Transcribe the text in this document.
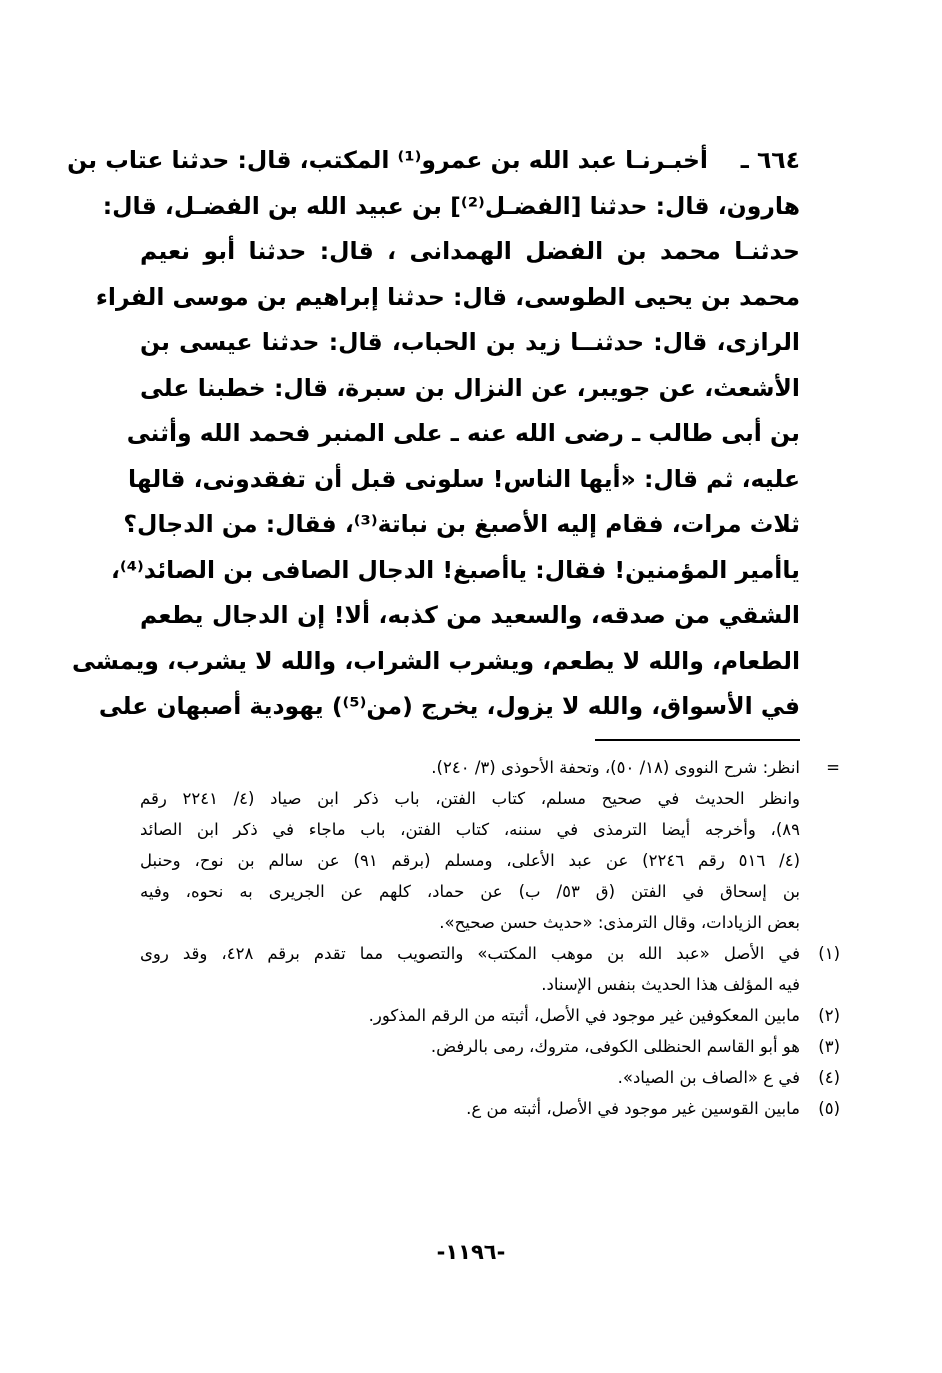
٦٦٤ ـ
أخبـرنـا عبد الله بن عمرو⁽¹⁾ المكتب، قال: حدثنا عتاب بن
هارون، قال: حدثنا [الفضـل⁽²⁾] بن عبيد الله بن الفضـل، قال:
حدثنـا محمد بن الفضل الهمدانى ، قال: حدثنا أبو نعيم
محمد بن يحيى الطوسى، قال: حدثنا إبراهيم بن موسى الفراء
الرازى، قال: حدثنــا زيد بن الحباب، قال: حدثنا عيسى بن
الأشعث، عن جويبر، عن النزال بن سبرة، قال: خطبنا على
بن أبى طالب ـ رضى الله عنه ـ على المنبر فحمد الله وأثنى
عليه، ثم قال: «أيها الناس! سلونى قبل أن تفقدونى، قالها
ثلاث مرات، فقام إليه الأصبغ بن نباتة⁽³⁾، فقال: من الدجال؟
ياأمير المؤمنين! فقال: ياأصبغ! الدجال الصافى بن الصائد⁽⁴⁾،
الشقي من صدقه، والسعيد من كذبه، ألا! إن الدجال يطعم
الطعام، والله لا يطعم، ويشرب الشراب، والله لا يشرب، ويمشى
في الأسواق، والله لا يزول، يخرج (من⁽⁵⁾) يهودية أصبهان على
=
انظر: شرح النووى (١٨/ ٥٠)، وتحفة الأحوذى (٣/ ٢٤٠).
وانظر الحديث في صحيح مسلم، كتاب الفتن، باب ذكر ابن صياد (٤/ ٢٢٤١ رقم
٨٩)، وأخرجه أيضا الترمذى في سننه، كتاب الفتن، باب ماجاء في ذكر ابن الصائد
(٤/ ٥١٦ رقم ٢٢٤٦) عن عبد الأعلى، ومسلم (برقم ٩١) عن سالم بن نوح، وحنبل
بن إسحاق في الفتن (ق ٥٣/ ب) عن حماد، كلهم عن الجريرى به نحوه، وفيه
بعض الزيادات، وقال الترمذى: «حديث حسن صحيح».
(١)
في الأصل «عبد الله بن موهب المكتب» والتصويب مما تقدم برقم ٤٢٨، وقد روى
فيه المؤلف هذا الحديث بنفس الإسناد.
(٢)
مابين المعكوفين غير موجود في الأصل، أثبته من الرقم المذكور.
(٣)
هو أبو القاسم الحنظلى الكوفى، متروك، رمى بالرفض.
(٤)
في ع «الصاف بن الصياد».
(٥)
مابين القوسين غير موجود في الأصل، أثبته من ع.
-١١٩٦-
